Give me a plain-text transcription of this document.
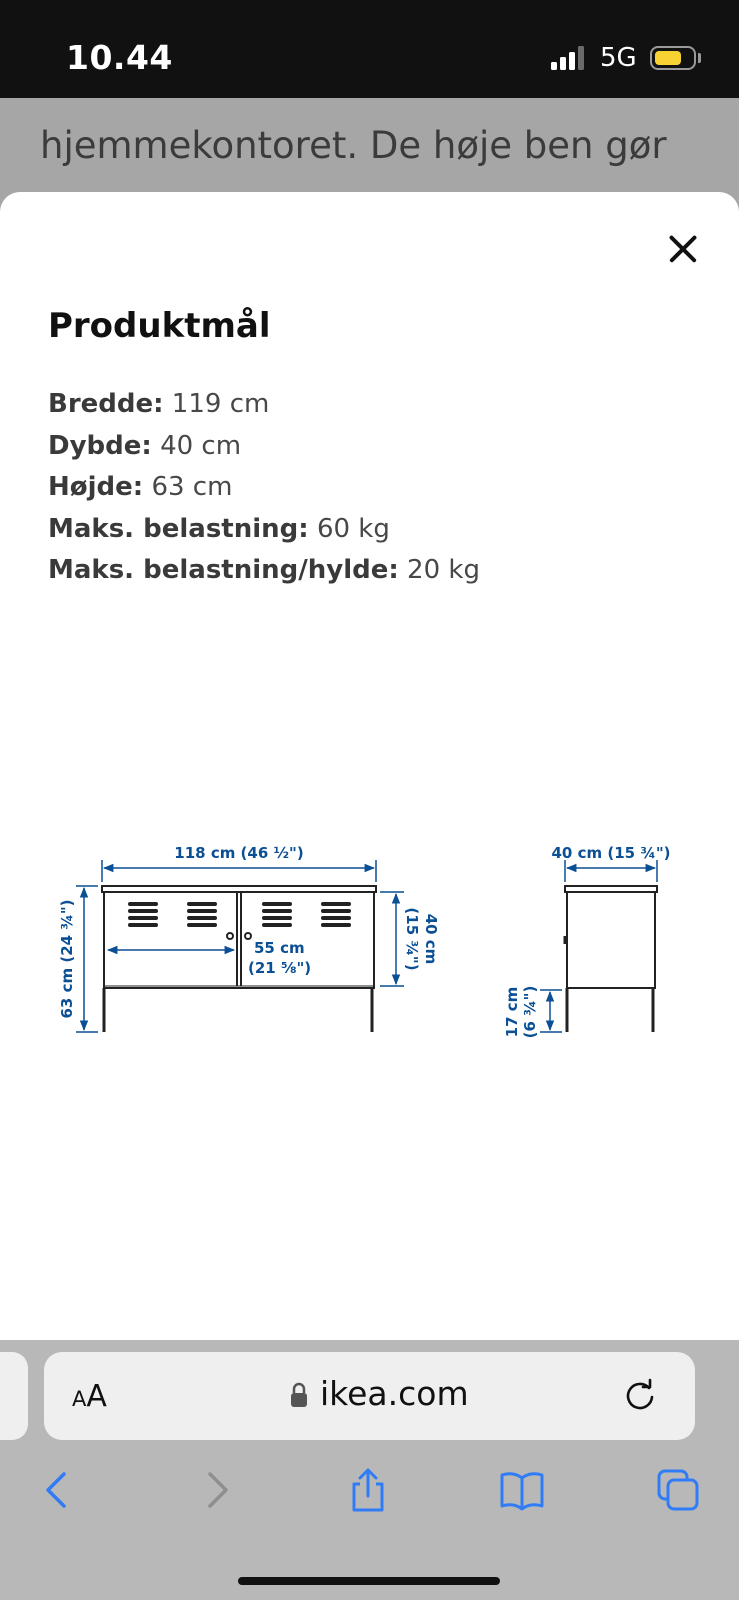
10.44	5G
hjemmekontoret. De høje ben gør
Produktmål
Bredde: 119 cm
Dybde: 40 cm
Højde: 63 cm
Maks. belastning: 60 kg
Maks. belastning/hylde: 20 kg
118 cm (46 ½")
63 cm (24 ¾")	55 cm
(21 ⅝")
40 cm
(15 ¾")
40 cm (15 ¾")
17 cm (6 ¾")
AA	ikea.com
